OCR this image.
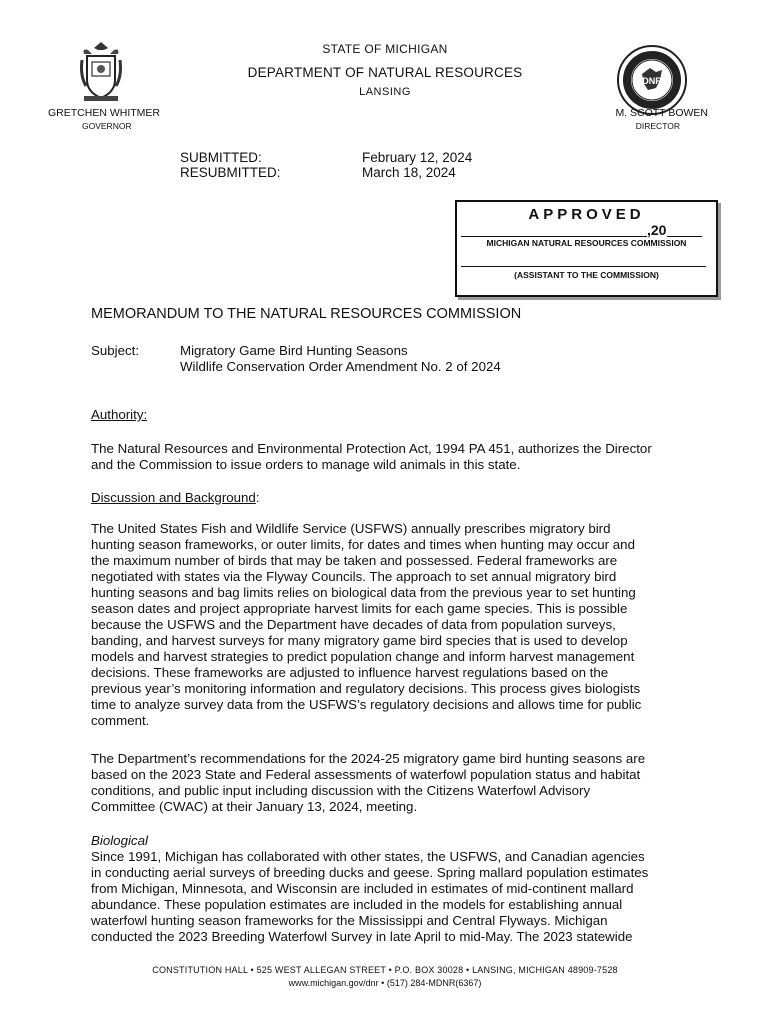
DNR
STATE OF MICHIGAN
DEPARTMENT OF NATURAL RESOURCES
LANSING
GRETCHEN WHITMER
GOVERNOR
M. SCOTT BOWEN
DIRECTOR
SUBMITTED:
RESUBMITTED:
February 12, 2024
March 18, 2024
APPROVED
,20
MICHIGAN NATURAL RESOURCES COMMISSION
(ASSISTANT TO THE COMMISSION)
MEMORANDUM TO THE NATURAL RESOURCES COMMISSION
Subject:	Migratory Game Bird Hunting Seasons
Wildlife Conservation Order Amendment No. 2 of 2024
Authority:
The Natural Resources and Environmental Protection Act, 1994 PA 451, authorizes the Director
and the Commission to issue orders to manage wild animals in this state.
Discussion and Background:
The United States Fish and Wildlife Service (USFWS) annually prescribes migratory bird
hunting season frameworks, or outer limits, for dates and times when hunting may occur and
the maximum number of birds that may be taken and possessed. Federal frameworks are
negotiated with states via the Flyway Councils. The approach to set annual migratory bird
hunting seasons and bag limits relies on biological data from the previous year to set hunting
season dates and project appropriate harvest limits for each game species. This is possible
because the USFWS and the Department have decades of data from population surveys,
banding, and harvest surveys for many migratory game bird species that is used to develop
models and harvest strategies to predict population change and inform harvest management
decisions. These frameworks are adjusted to influence harvest regulations based on the
previous year’s monitoring information and regulatory decisions. This process gives biologists
time to analyze survey data from the USFWS’s regulatory decisions and allows time for public
comment.
The Department’s recommendations for the 2024-25 migratory game bird hunting seasons are
based on the 2023 State and Federal assessments of waterfowl population status and habitat
conditions, and public input including discussion with the Citizens Waterfowl Advisory
Committee (CWAC) at their January 13, 2024, meeting.
Biological
Since 1991, Michigan has collaborated with other states, the USFWS, and Canadian agencies
in conducting aerial surveys of breeding ducks and geese. Spring mallard population estimates
from Michigan, Minnesota, and Wisconsin are included in estimates of mid-continent mallard
abundance. These population estimates are included in the models for establishing annual
waterfowl hunting season frameworks for the Mississippi and Central Flyways. Michigan
conducted the 2023 Breeding Waterfowl Survey in late April to mid-May. The 2023 statewide
CONSTITUTION HALL • 525 WEST ALLEGAN STREET • P.O. BOX 30028 • LANSING, MICHIGAN 48909-7528
www.michigan.gov/dnr • (517) 284-MDNR(6367)
